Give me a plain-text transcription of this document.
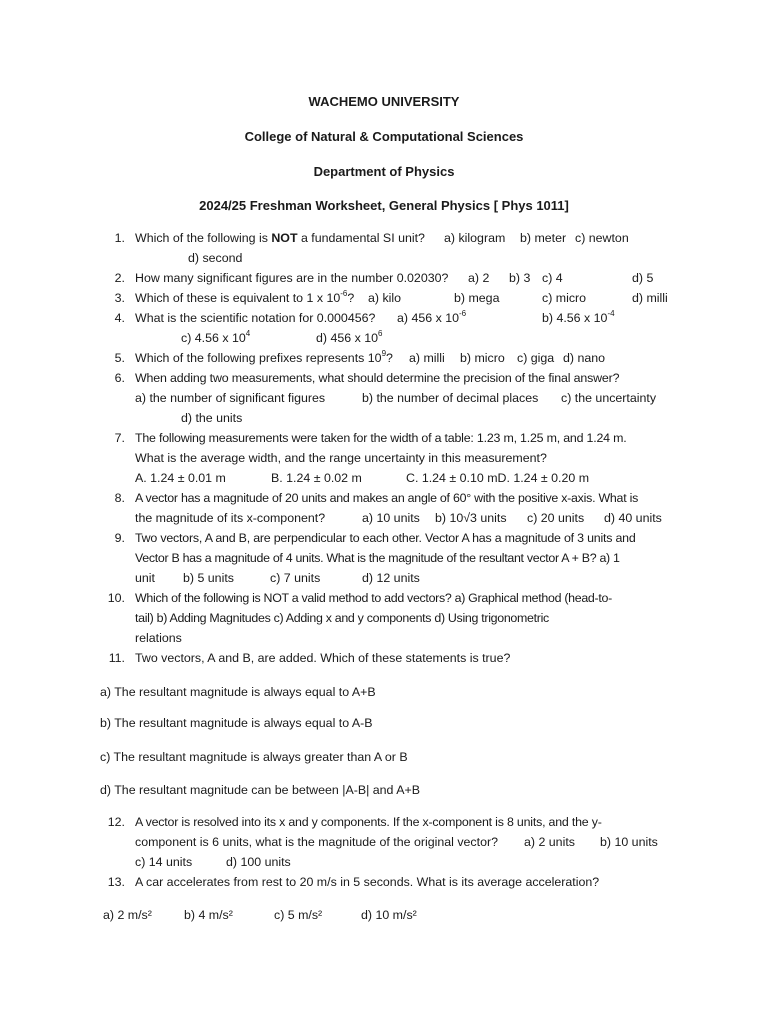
WACHEMO UNIVERSITY
College of Natural & Computational Sciences
Department of Physics
2024/25 Freshman Worksheet, General Physics [ Phys 1011]
1. Which of the following is NOT a fundamental SI unit? a) kilogram b) meter c) newton
d) second
2. How many significant figures are in the number 0.02030? a) 2 b) 3 c) 4	d) 5
3. Which of these is equivalent to 1 x $10^{-6}$? a) kilo	b) mega	c) micro	d) milli
4. What is the scientific notation for 0.000456? a) 456 x $10^{-6}$	b) 4.56 x $10^{-4}$
c) 4.56 x $10^4$	d) 456 x $10^6$
5. Which of the following prefixes represents $10^9$? a) milli b) micro c) giga d) nano
6. When adding two measurements, what should determine the precision of the final answer?
a) the number of significant figures	b) the number of decimal places c) the uncertainty
d) the units
7. The following measurements were taken for the width of a table: 1.23 m, 1.25 m, and 1.24 m.
What is the average width, and the range uncertainty in this measurement?
A. 1.24 ± 0.01 m	B. 1.24 ± 0.02 m	C. 1.24 ± 0.10 mD. 1.24 ± 0.20 m
8. A vector has a magnitude of 20 units and makes an angle of 60° with the positive x-axis. What is
the magnitude of its x-component?	a) 10 units b) 10√3 units c) 20 units d) 40 units
9. Two vectors, A and B, are perpendicular to each other. Vector A has a magnitude of 3 units and
Vector B has a magnitude of 4 units. What is the magnitude of the resultant vector A + B? a) 1
unit b) 5 units	c) 7 units	d) 12 units
10. Which of the following is NOT a valid method to add vectors? a) Graphical method (head-to-
tail) b) Adding Magnitudes c) Adding x and y components d) Using trigonometric
relations
11. Two vectors, A and B, are added. Which of these statements is true?
a) The resultant magnitude is always equal to A+B
b) The resultant magnitude is always equal to A-B
c) The resultant magnitude is always greater than A or B
d) The resultant magnitude can be between |A-B| and A+B
12. A vector is resolved into its x and y components. If the x-component is 8 units, and the y-
component is 6 units, what is the magnitude of the original vector? a) 2 units b) 10 units
c) 14 units	d) 100 units
13. A car accelerates from rest to 20 m/s in 5 seconds. What is its average acceleration?
a) 2 m/s²	b) 4 m/s²	c) 5 m/s²	d) 10 m/s²
